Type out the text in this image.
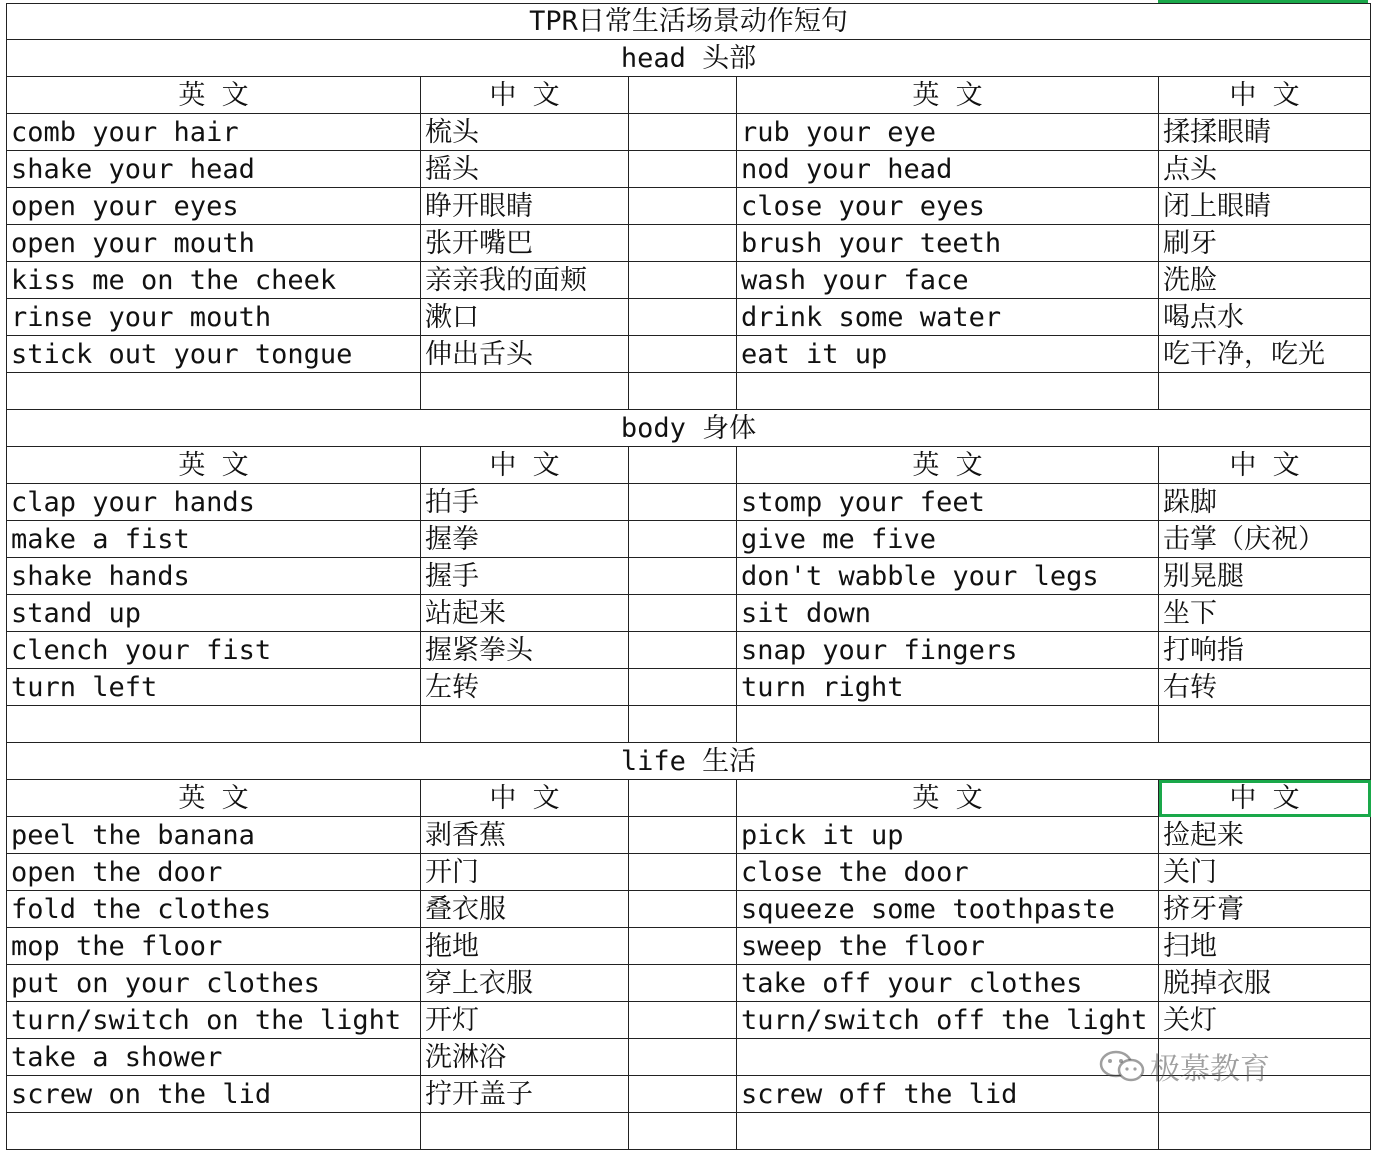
TPR日常生活场景动作短句				
head 头部				
英 文	中 文		英 文	中 文
comb your hair	梳头		rub your eye	揉揉眼睛
shake your head	摇头		nod your head	点头
open your eyes	睁开眼睛		close your eyes	闭上眼睛
open your mouth	张开嘴巴		brush your teeth	刷牙
kiss me on the cheek	亲亲我的面颊		wash your face	洗脸
rinse your mouth	漱口		drink some water	喝点水
stick out your tongue	伸出舌头		eat it up	吃干净，吃光

body 身体				
英 文	中 文		英 文	中 文
clap your hands	拍手		stomp your feet	跺脚
make a fist	握拳		give me five	击掌（庆祝）
shake hands	握手		don't wabble your legs	别晃腿
stand up	站起来		sit down	坐下
clench your fist	握紧拳头		snap your fingers	打响指
turn left	左转		turn right	右转

life 生活				
英 文	中 文		英 文	中 文
peel the banana	剥香蕉		pick it up	捡起来
open the door	开门		close the door	关门
fold the clothes	叠衣服		squeeze some toothpaste	挤牙膏
mop the floor	拖地		sweep the floor	扫地
put on your clothes	穿上衣服		take off your clothes	脱掉衣服
turn/switch on the light	开灯		turn/switch off the light	关灯
take a shower	洗淋浴			
screw on the lid	拧开盖子		screw off the lid	

极慕教育
